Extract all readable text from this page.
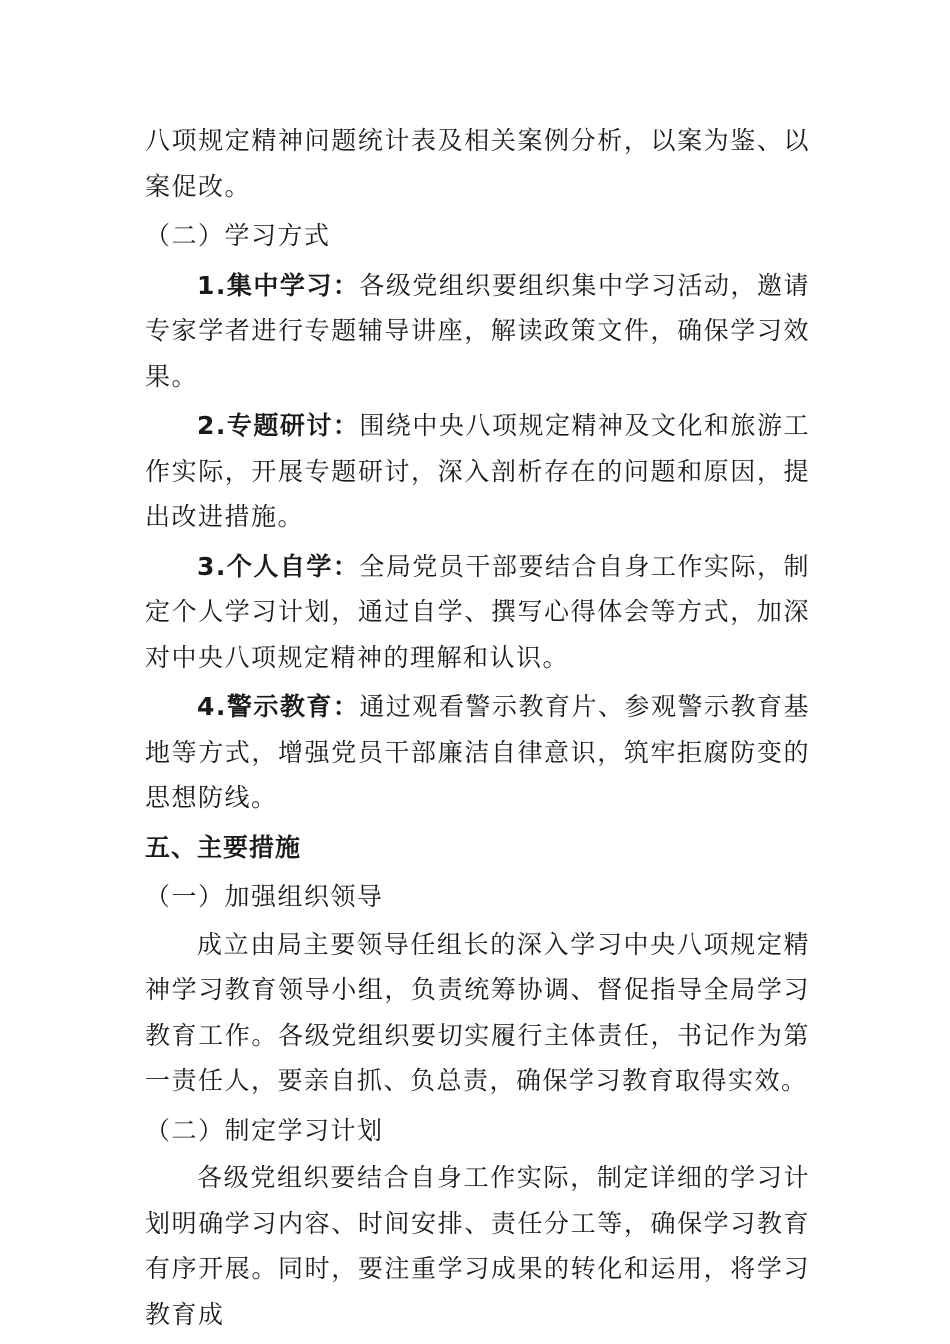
八项规定精神问题统计表及相关案例分析，以案为鉴、以案促改。

（二）学习方式

1.集中学习：各级党组织要组织集中学习活动，邀请专家学者进行专题辅导讲座，解读政策文件，确保学习效果。

2.专题研讨：围绕中央八项规定精神及文化和旅游工作实际，开展专题研讨，深入剖析存在的问题和原因，提出改进措施。

3.个人自学：全局党员干部要结合自身工作实际，制定个人学习计划，通过自学、撰写心得体会等方式，加深对中央八项规定精神的理解和认识。

4.警示教育：通过观看警示教育片、参观警示教育基地等方式，增强党员干部廉洁自律意识，筑牢拒腐防变的思想防线。

五、主要措施

（一）加强组织领导

成立由局主要领导任组长的深入学习中央八项规定精神学习教育领导小组，负责统筹协调、督促指导全局学习教育工作。各级党组织要切实履行主体责任，书记作为第一责任人，要亲自抓、负总责，确保学习教育取得实效。

（二）制定学习计划

各级党组织要结合自身工作实际，制定详细的学习计划明确学习内容、时间安排、责任分工等，确保学习教育有序开展。同时，要注重学习成果的转化和运用，将学习教育成
